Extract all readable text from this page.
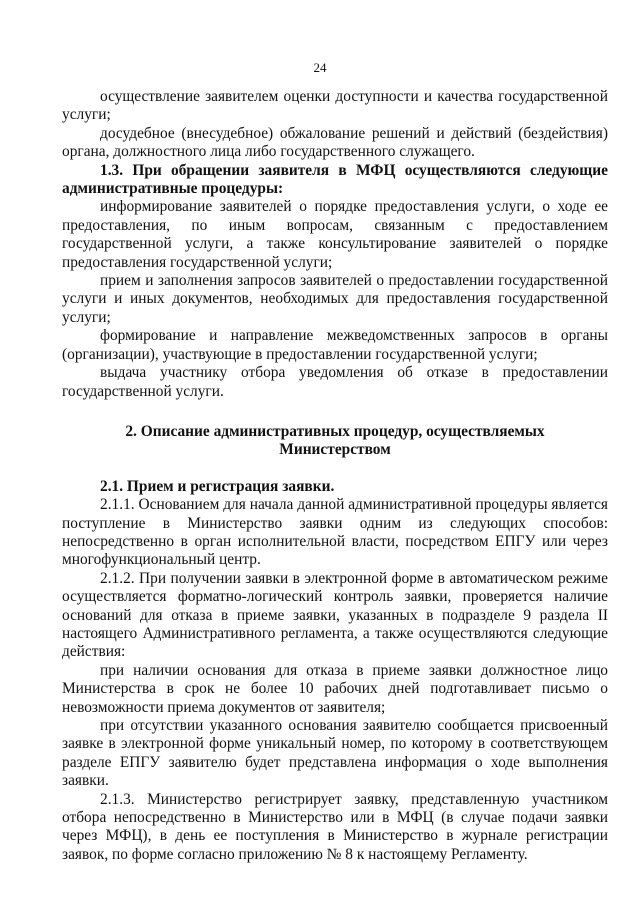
24

осуществление заявителем оценки доступности и качества государственной услуги;

досудебное (внесудебное) обжалование решений и действий (бездействия) органа, должностного лица либо государственного служащего.

1.3. При обращении заявителя в МФЦ осуществляются следующие административные процедуры:

информирование заявителей о порядке предоставления услуги, о ходе ее предоставления, по иным вопросам, связанным с предоставлением государственной услуги, а также консультирование заявителей о порядке предоставления государственной услуги;

прием и заполнения запросов заявителей о предоставлении государственной услуги и иных документов, необходимых для предоставления государственной услуги;

формирование и направление межведомственных запросов в органы (организации), участвующие в предоставлении государственной услуги;

выдача участнику отбора уведомления об отказе в предоставлении государственной услуги.

2. Описание административных процедур, осуществляемых

Министерством

2.1. Прием и регистрация заявки.

2.1.1. Основанием для начала данной административной процедуры является поступление в Министерство заявки одним из следующих способов: непосредственно в орган исполнительной власти, посредством ЕПГУ или через многофункциональный центр.

2.1.2. При получении заявки в электронной форме в автоматическом режиме осуществляется форматно-логический контроль заявки, проверяется наличие оснований для отказа в приеме заявки, указанных в подразделе 9 раздела II настоящего Административного регламента, а также осуществляются следующие действия:

при наличии основания для отказа в приеме заявки должностное лицо Министерства в срок не более 10 рабочих дней подготавливает письмо о невозможности приема документов от заявителя;

при отсутствии указанного основания заявителю сообщается присвоенный заявке в электронной форме уникальный номер, по которому в соответствующем разделе ЕПГУ заявителю будет представлена информация о ходе выполнения заявки.

2.1.3. Министерство регистрирует заявку, представленную участником отбора непосредственно в Министерство или в МФЦ (в случае подачи заявки через МФЦ), в день ее поступления в Министерство в журнале регистрации заявок, по форме согласно приложению № 8 к настоящему Регламенту.
